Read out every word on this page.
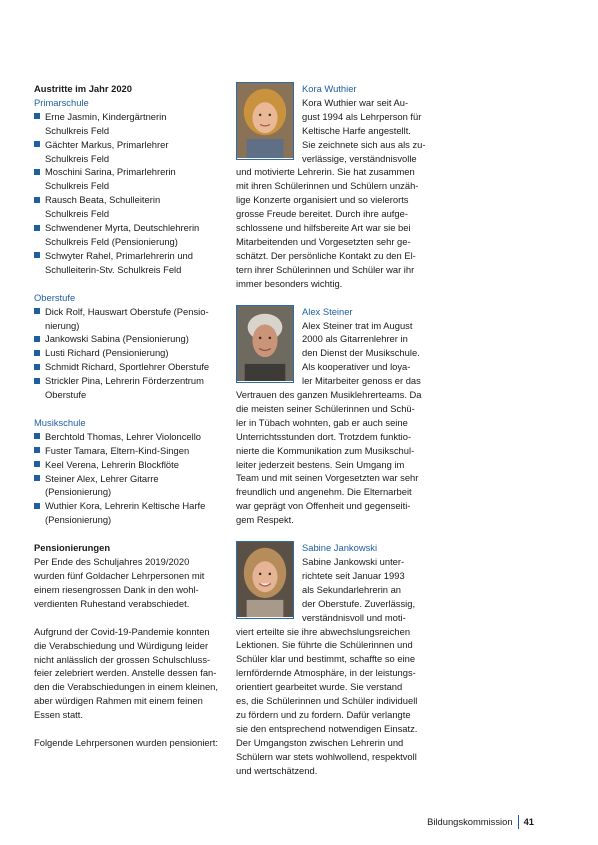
Austritte im Jahr 2020
Primarschule
Erne Jasmin, Kindergärtnerin
Schulkreis Feld
Gächter Markus, Primarlehrer
Schulkreis Feld
Moschini Sarina, Primarlehrerin
Schulkreis Feld
Rausch Beata, Schulleiterin
Schulkreis Feld
Schwendener Myrta, Deutschlehrerin
Schulkreis Feld (Pensionierung)
Schwyter Rahel, Primarlehrerin und
Schulleiterin-Stv. Schulkreis Feld
Oberstufe
Dick Rolf, Hauswart Oberstufe (Pensio-
nierung)
Jankowski Sabina (Pensionierung)
Lusti Richard (Pensionierung)
Schmidt Richard, Sportlehrer Oberstufe
Strickler Pina, Lehrerin Förderzentrum
Oberstufe
Musikschule
Berchtold Thomas, Lehrer Violoncello
Fuster Tamara, Eltern-Kind-Singen
Keel Verena, Lehrerin Blockflöte
Steiner Alex, Lehrer Gitarre
(Pensionierung)
Wuthier Kora, Lehrerin Keltische Harfe
(Pensionierung)
Pensionierungen
Per Ende des Schuljahres 2019/2020
wurden fünf Goldacher Lehrpersonen mit
einem riesengrossen Dank in den wohl-
verdienten Ruhestand verabschiedet.
Aufgrund der Covid-19-Pandemie konnten
die Verabschiedung und Würdigung leider
nicht anlässlich der grossen Schulschluss-
feier zelebriert werden. Anstelle dessen fan-
den die Verabschiedungen in einem kleinen,
aber würdigen Rahmen mit einem feinen
Essen statt.
Folgende Lehrpersonen wurden pensioniert:
Kora Wuthier
Kora Wuthier war seit Au-
gust 1994 als Lehrperson für
Keltische Harfe angestellt.
Sie zeichnete sich aus als zu-
verlässige, verständnisvolle
und motivierte Lehrerin. Sie hat zusammen
mit ihren Schülerinnen und Schülern unzäh-
lige Konzerte organisiert und so vielerorts
grosse Freude bereitet. Durch ihre aufge-
schlossene und hilfsbereite Art war sie bei
Mitarbeitenden und Vorgesetzten sehr ge-
schätzt. Der persönliche Kontakt zu den El-
tern ihrer Schülerinnen und Schüler war ihr
immer besonders wichtig.
Alex Steiner
Alex Steiner trat im August
2000 als Gitarrenlehrer in
den Dienst der Musikschule.
Als kooperativer und loya-
ler Mitarbeiter genoss er das
Vertrauen des ganzen Musiklehrerteams. Da
die meisten seiner Schülerinnen und Schü-
ler in Tübach wohnten, gab er auch seine
Unterrichtsstunden dort. Trotzdem funktio-
nierte die Kommunikation zum Musikschul-
leiter jederzeit bestens. Sein Umgang im
Team und mit seinen Vorgesetzten war sehr
freundlich und angenehm. Die Elternarbeit
war geprägt von Offenheit und gegenseiti-
gem Respekt.
Sabine Jankowski
Sabine Jankowski unter-
richtete seit Januar 1993
als Sekundarlehrerin an
der Oberstufe. Zuverlässig,
verständnisvoll und moti-
viert erteilte sie ihre abwechslungsreichen
Lektionen. Sie führte die Schülerinnen und
Schüler klar und bestimmt, schaffte so eine
lernfördernde Atmosphäre, in der leistungs-
orientiert gearbeitet wurde. Sie verstand
es, die Schülerinnen und Schüler individuell
zu fördern und zu fordern. Dafür verlangte
sie den entsprechend notwendigen Einsatz.
Der Umgangston zwischen Lehrerin und
Schülern war stets wohlwollend, respektvoll
und wertschätzend.
Bildungskommission 41
